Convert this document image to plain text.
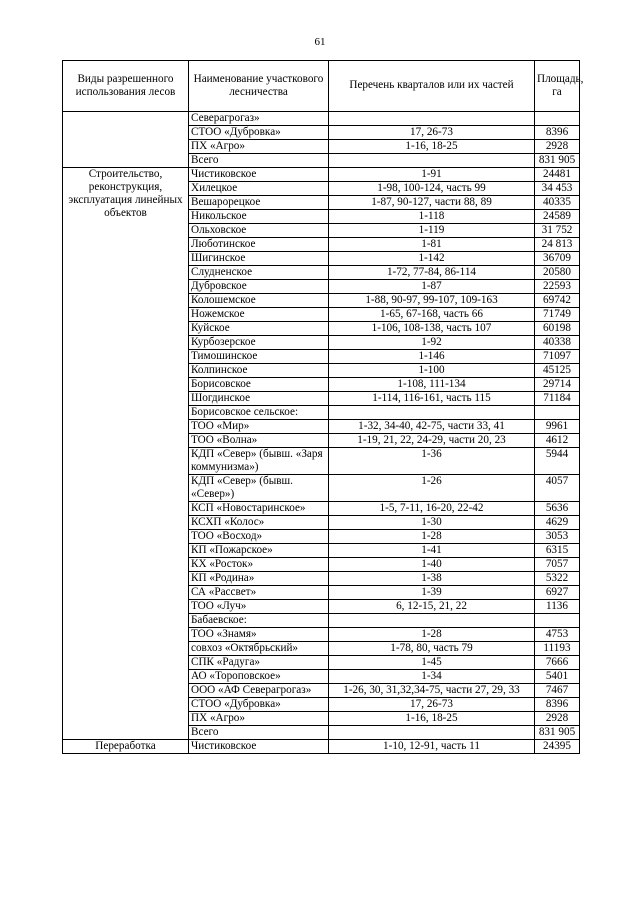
61
Виды разрешенного использования лесов	Наименование участкового лесничества	Перечень кварталов или их частей	Площадь, га
	Северагрогаз»		
	СТОО «Дубровка»	17, 26-73	8396
	ПХ «Агро»	1-16, 18-25	2928
	Всего		831 905
Строительство, реконструкция, эксплуатация линейных объектов	Чистиковское	1-91	24481
	Хилецкое	1-98, 100-124, часть 99	34 453
	Вешарорецкое	1-87, 90-127, части 88, 89	40335
	Никольское	1-118	24589
	Ольховское	1-119	31 752
	Люботинское	1-81	24 813
	Шигинское	1-142	36709
	Слудненское	1-72, 77-84, 86-114	20580
	Дубровское	1-87	22593
	Колошемское	1-88, 90-97, 99-107, 109-163	69742
	Ножемское	1-65, 67-168, часть 66	71749
	Куйское	1-106, 108-138, часть 107	60198
	Курбозерское	1-92	40338
	Тимошинское	1-146	71097
	Колпинское	1-100	45125
	Борисовское	1-108, 111-134	29714
	Шогдинское	1-114, 116-161, часть 115	71184
	Борисовское сельское:		
	ТОО «Мир»	1-32, 34-40, 42-75, части 33, 41	9961
	ТОО «Волна»	1-19, 21, 22, 24-29, части 20, 23	4612
	КДП «Север» (бывш. «Заря коммунизма»)	1-36	5944
	КДП «Север» (бывш. «Север»)	1-26	4057
	КСП «Новостаринское»	1-5, 7-11, 16-20, 22-42	5636
	КСХП «Колос»	1-30	4629
	ТОО «Восход»	1-28	3053
	КП «Пожарское»	1-41	6315
	КХ «Росток»	1-40	7057
	КП «Родина»	1-38	5322
	СА «Рассвет»	1-39	6927
	ТОО «Луч»	6, 12-15, 21, 22	1136
	Бабаевское:		
	ТОО «Знамя»	1-28	4753
	совхоз «Октябрьский»	1-78, 80, часть 79	11193
	СПК «Радуга»	1-45	7666
	АО «Тороповское»	1-34	5401
	ООО «АФ Северагрогаз»	1-26, 30, 31,32,34-75, части 27, 29, 33	7467
	СТОО «Дубровка»	17, 26-73	8396
	ПХ «Агро»	1-16, 18-25	2928
	Всего		831 905
Переработка	Чистиковское	1-10, 12-91, часть 11	24395
